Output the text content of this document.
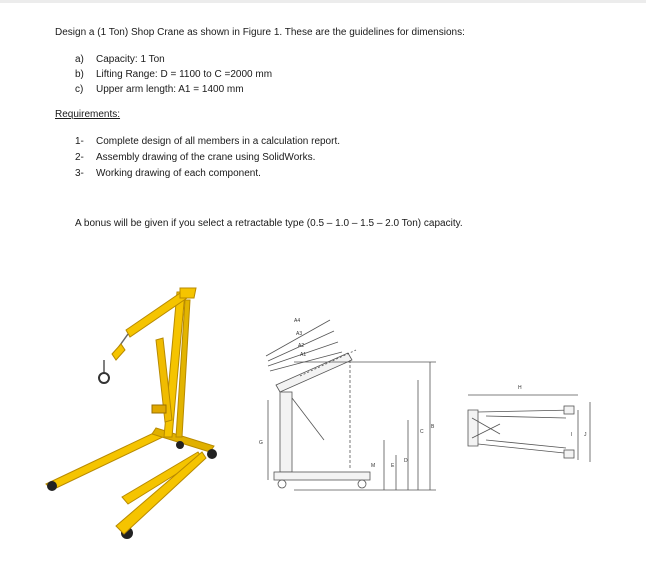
Design a (1 Ton) Shop Crane as shown in Figure 1. These are the guidelines for dimensions:
a) Capacity: 1 Ton
b) Lifting Range: D = 1100 to C =2000 mm
c) Upper arm length: A1 = 1400 mm
Requirements:
1- Complete design of all members in a calculation report.
2- Assembly drawing of the crane using SolidWorks.
3- Working drawing of each component.
A bonus will be given if you select a retractable type (0.5 – 1.0 – 1.5 – 2.0 Ton) capacity.
A4
A3
A2
A1
G
M	E
D
C
B
H
I J
